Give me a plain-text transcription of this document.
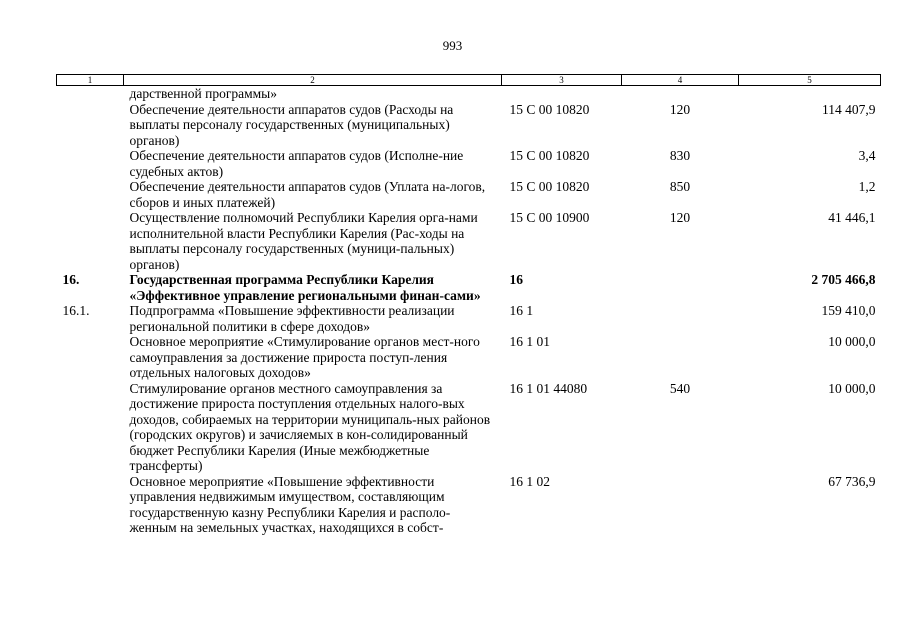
993
1	2	3	4	5
	дарственной программы»			
	Обеспечение деятельности аппаратов судов (Расходы на выплаты персоналу государственных (муниципальных) органов)	15 С 00 10820	120	114 407,9
	Обеспечение деятельности аппаратов судов (Исполне-ние судебных актов)	15 С 00 10820	830	3,4
	Обеспечение деятельности аппаратов судов (Уплата на-логов, сборов и иных платежей)	15 С 00 10820	850	1,2
	Осуществление полномочий Республики Карелия орга-нами исполнительной власти Республики Карелия (Рас-ходы на выплаты персоналу государственных (муници-пальных) органов)	15 С 00 10900	120	41 446,1
16.	Государственная программа Республики Карелия «Эффективное управление региональными финан-сами»	16		2 705 466,8
16.1.	Подпрограмма «Повышение эффективности реализации региональной политики в сфере доходов»	16 1		159 410,0
	Основное мероприятие «Стимулирование органов мест-ного самоуправления за достижение прироста поступ-ления отдельных налоговых доходов»	16 1 01		10 000,0
	Стимулирование органов местного самоуправления за достижение прироста поступления отдельных налого-вых доходов, собираемых на территории муниципаль-ных районов (городских округов) и зачисляемых в кон-солидированный бюджет Республики Карелия (Иные межбюджетные трансферты)	16 1 01 44080	540	10 000,0
	Основное мероприятие «Повышение эффективности управления недвижимым имуществом, составляющим государственную казну Республики Карелия и располо-женным на земельных участках, находящихся в собст-	16 1 02		67 736,9
